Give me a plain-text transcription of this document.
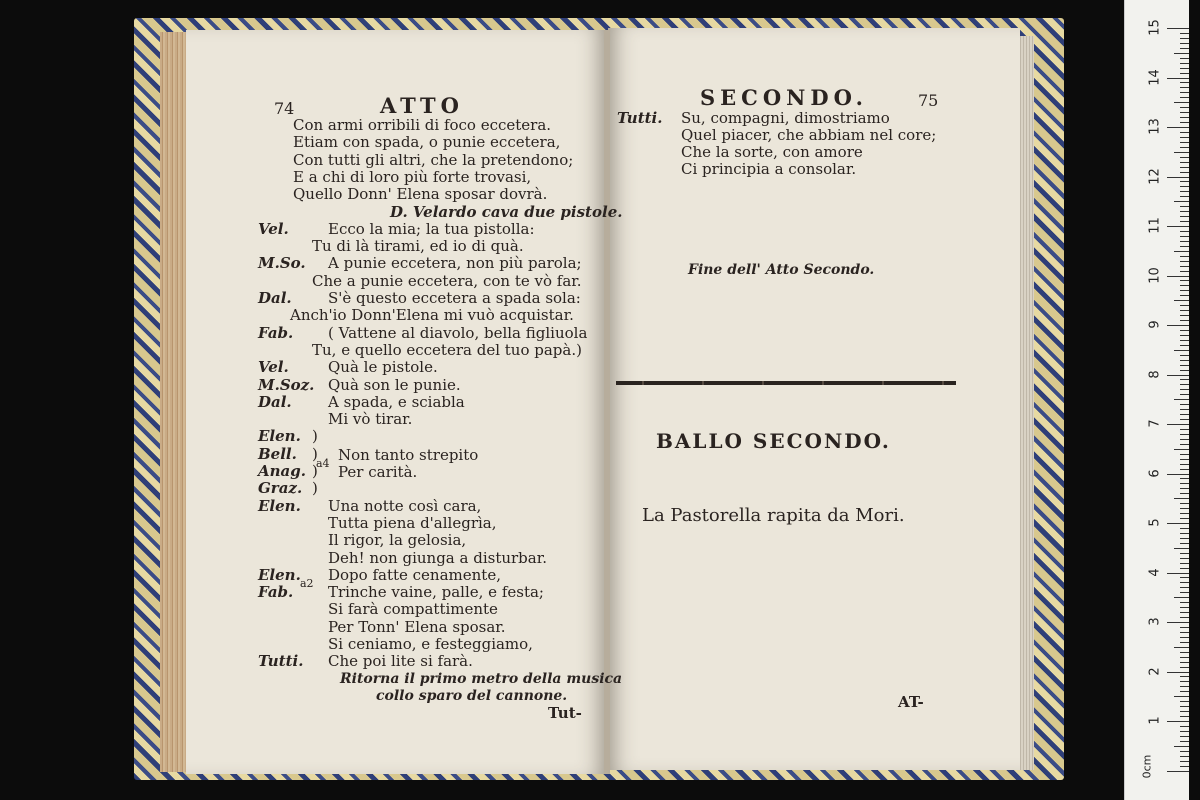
74	ATTO
Con armi orribili di foco eccetera.
Etiam con spada, o punie eccetera,
Con tutti gli altri, che la pretendono;
E a chi di loro più forte trovasi,
Quello Donn' Elena sposar dovrà.
D. Velardo cava due pistole.
Vel.	Ecco la mia; la tua pistolla:
Tu di là tirami, ed io di quà.
M.So. A punie eccetera, non più parola;
Che a punie eccetera, con te vò far.
Dal. S'è questo eccetera a spada sola:
Anch'io Donn'Elena mi vuò acquistar.
Fab. ( Vattene al diavolo, bella figliuola
Tu, e quello eccetera del tuo papà.)
Vel.	Quà le pistole.
M.Soz. Quà son le punie.
Dal. A spada, e sciabla
Mi vò tirar.
Elen. )
Bell. )
Anag. )
Graz. )
Elen. Una notte così cara,
Tutta piena d'allegrìa,
Il rigor, la gelosia,
Deh! non giunga a disturbar.
Elen. Dopo fatte cenamente,
Fab. Trinche vaine, palle, e festa;
Si farà compattimente
Per Tonn' Elena sposar.
Si ceniamo, e festeggiamo,
Tutti. Che poi lite si farà.
Ritorna il primo metro della musica
collo sparo del cannone.
Tut-
a4 Non tanto strepito
Per carità.
a2
SECONDO.	75
Tutti. Su, compagni, dimostriamo
Quel piacer, che abbiam nel core;
Che la sorte, con amore
Ci principia a consolar.
Fine dell' Atto Secondo.
BALLO SECONDO.
La Pastorella rapita da Mori.
AT-
15
14
13
12
11
10
9
8
7
6
5
4
3
2
1
0cm
